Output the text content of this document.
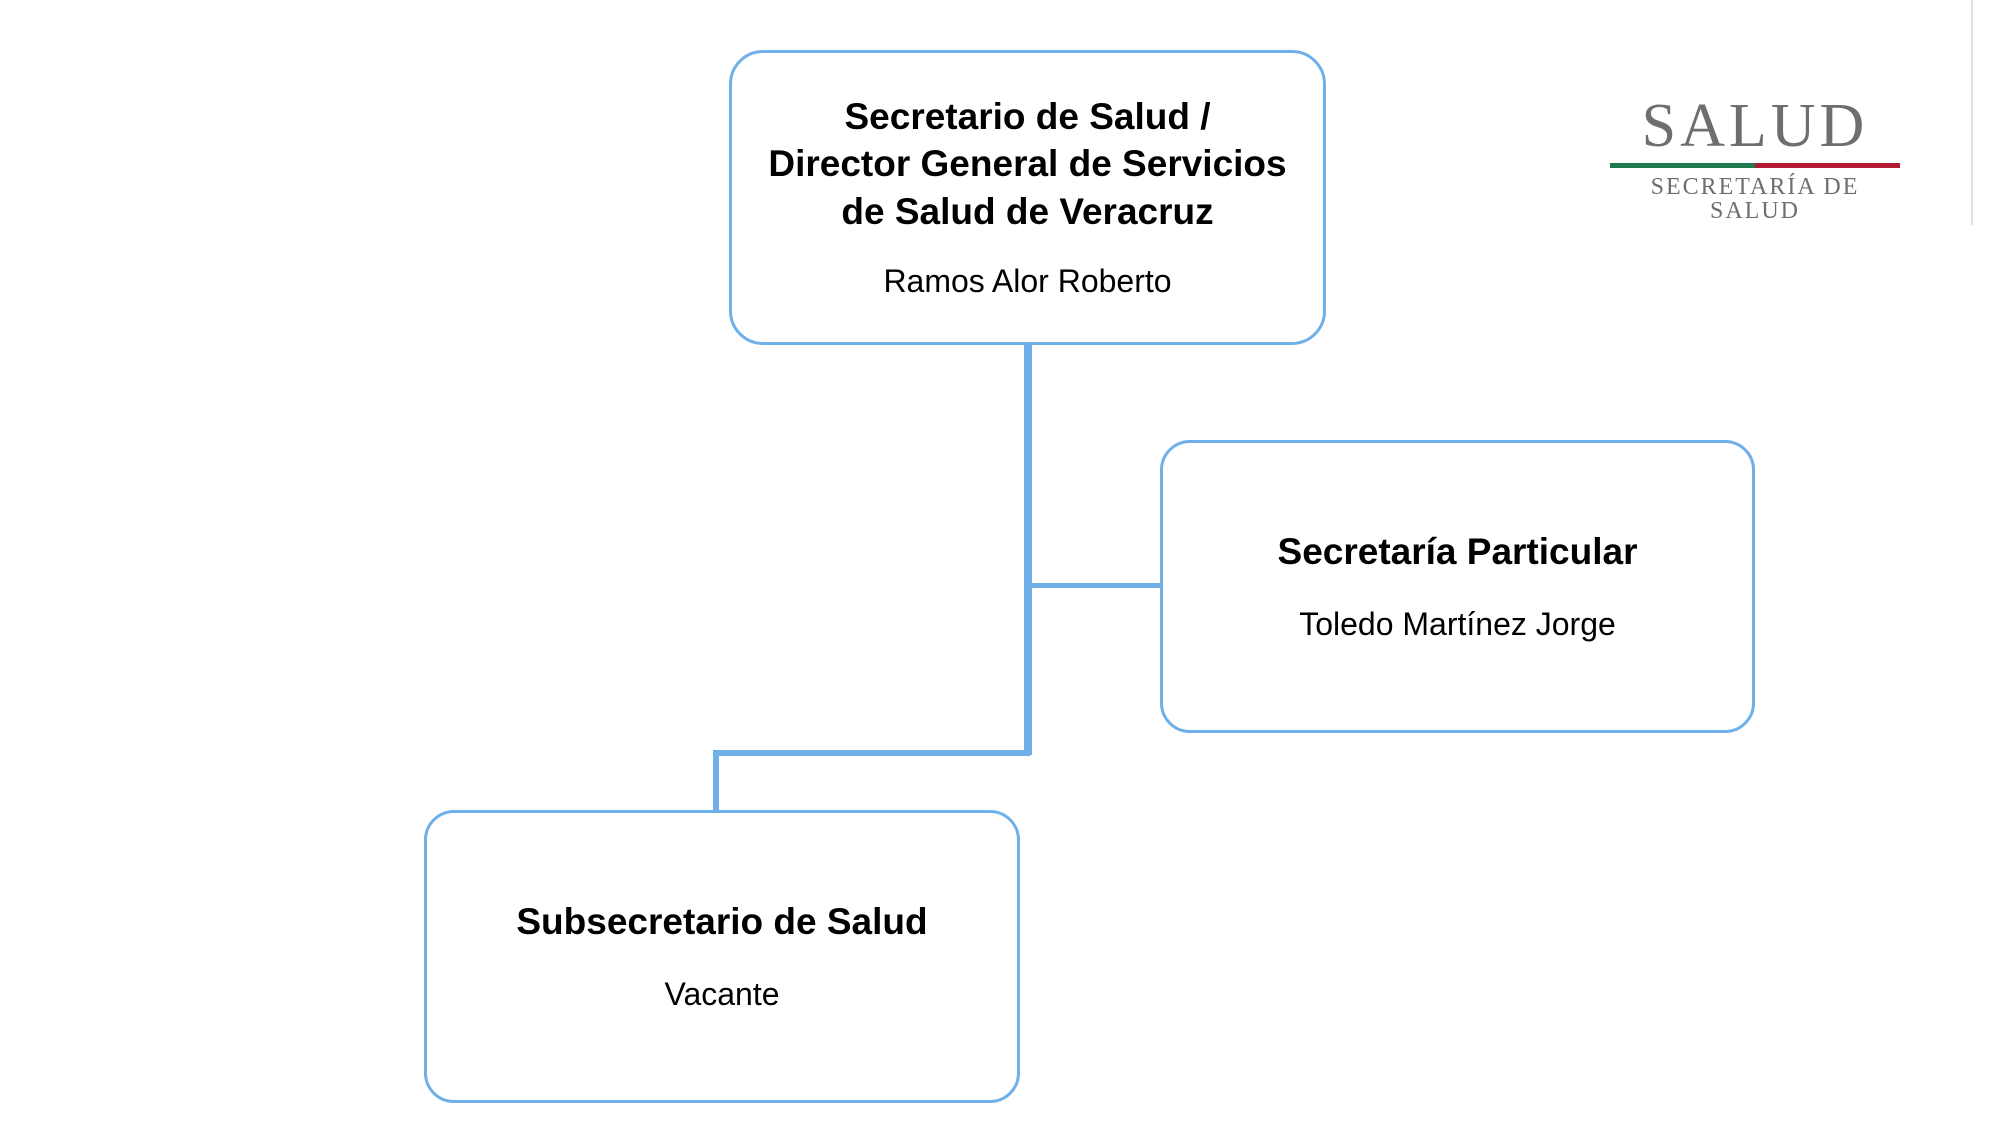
Secretario de Salud /
Director General de Servicios
de Salud de Veracruz
Ramos Alor Roberto
Secretaría Particular
Toledo Martínez Jorge
Subsecretario de Salud
Vacante
SALUD
SECRETARÍA DE SALUD
